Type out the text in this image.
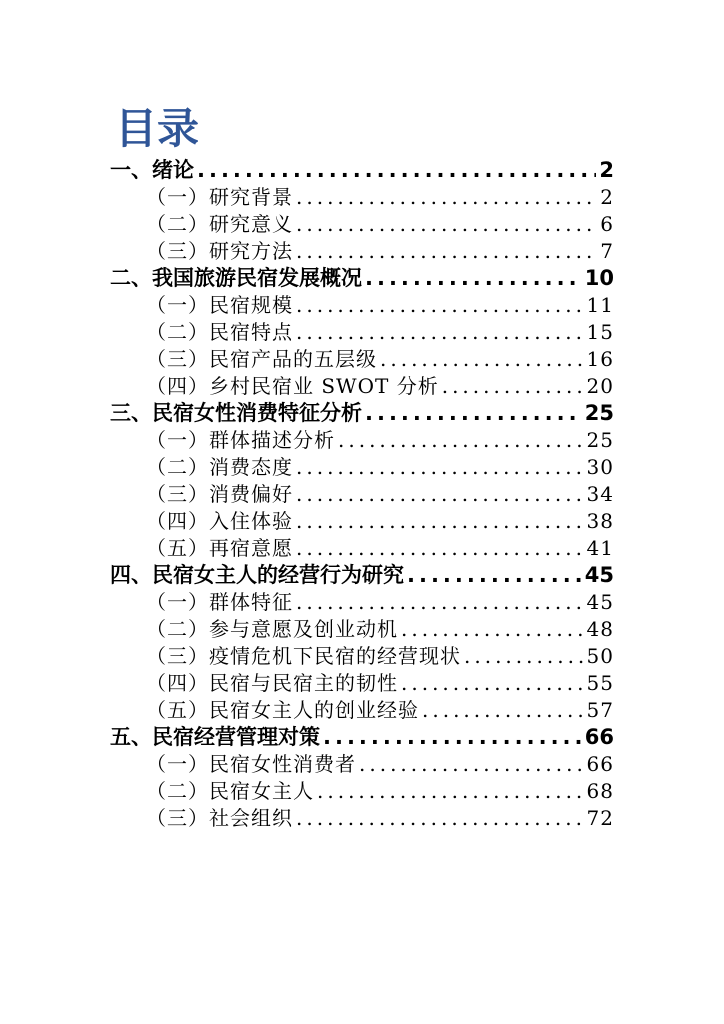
目录
一、绪论 .....	2
（一）研究背景 .....	2
（二）研究意义 .....	6
（三）研究方法 .....	7
二、我国旅游民宿发展概况 .....	10
（一）民宿规模 .....	11
（二）民宿特点 .....	15
（三）民宿产品的五层级 .....	16
（四）乡村民宿业 SWOT 分析 .....	20
三、民宿女性消费特征分析 .....	25
（一）群体描述分析 .....	25
（二）消费态度 .....	30
（三）消费偏好 .....	34
（四）入住体验 .....	38
（五）再宿意愿 .....	41
四、民宿女主人的经营行为研究 .....	45
（一）群体特征 .....	45
（二）参与意愿及创业动机 .....	48
（三）疫情危机下民宿的经营现状 .....	50
（四）民宿与民宿主的韧性 .....	55
（五）民宿女主人的创业经验 .....	57
五、民宿经营管理对策 .....	66
（一）民宿女性消费者 .....	66
（二）民宿女主人 .....	68
（三）社会组织 .....	72
